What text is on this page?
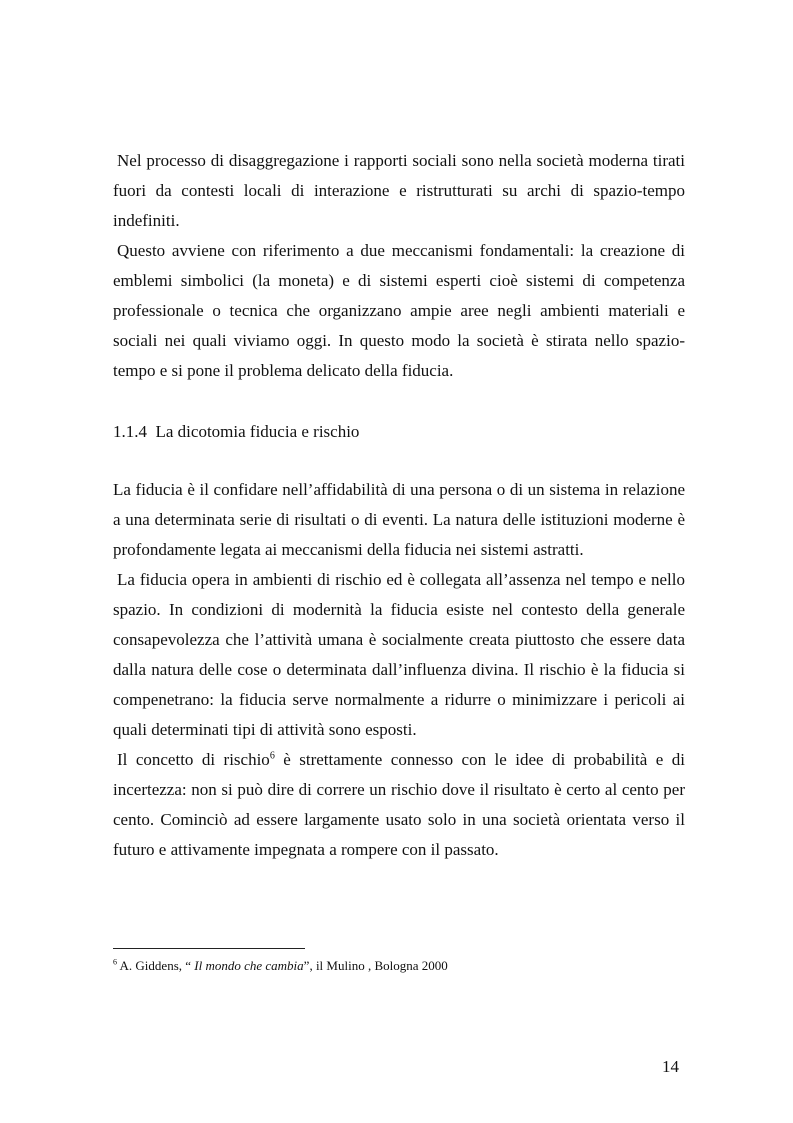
Nel processo di disaggregazione i rapporti sociali sono nella società moderna tirati fuori da contesti locali di interazione e ristrutturati su archi di spazio-tempo indefiniti.

Questo avviene con riferimento a due meccanismi fondamentali: la creazione di emblemi simbolici (la moneta) e di sistemi esperti cioè sistemi di competenza professionale o tecnica che organizzano ampie aree negli ambienti materiali e sociali nei quali viviamo oggi. In questo modo la società è stirata nello spazio-tempo e si pone il problema delicato della fiducia.

1.1.4  La dicotomia fiducia e rischio

La fiducia è il confidare nell’affidabilità di una persona o di un sistema in relazione a una determinata serie di risultati o di eventi. La natura delle istituzioni moderne è profondamente legata ai meccanismi della fiducia nei sistemi astratti.

La fiducia opera in ambienti di rischio ed è collegata all’assenza nel tempo e nello spazio. In condizioni di modernità la fiducia esiste nel contesto della generale consapevolezza che l’attività umana è socialmente creata piuttosto che essere data dalla natura delle cose o determinata dall’influenza divina. Il rischio è la fiducia si compenetrano: la fiducia serve normalmente a ridurre o minimizzare i pericoli ai quali determinati tipi di attività sono esposti.

Il concetto di rischio$^6$ è strettamente connesso con le idee di probabilità e di incertezza: non si può dire di correre un rischio dove il risultato è certo al cento per cento. Cominciò ad essere largamente usato solo in una società orientata verso il futuro e attivamente impegnata a rompere con il passato.

$^6$ A. Giddens, “ Il mondo che cambia”, il Mulino , Bologna 2000

14
